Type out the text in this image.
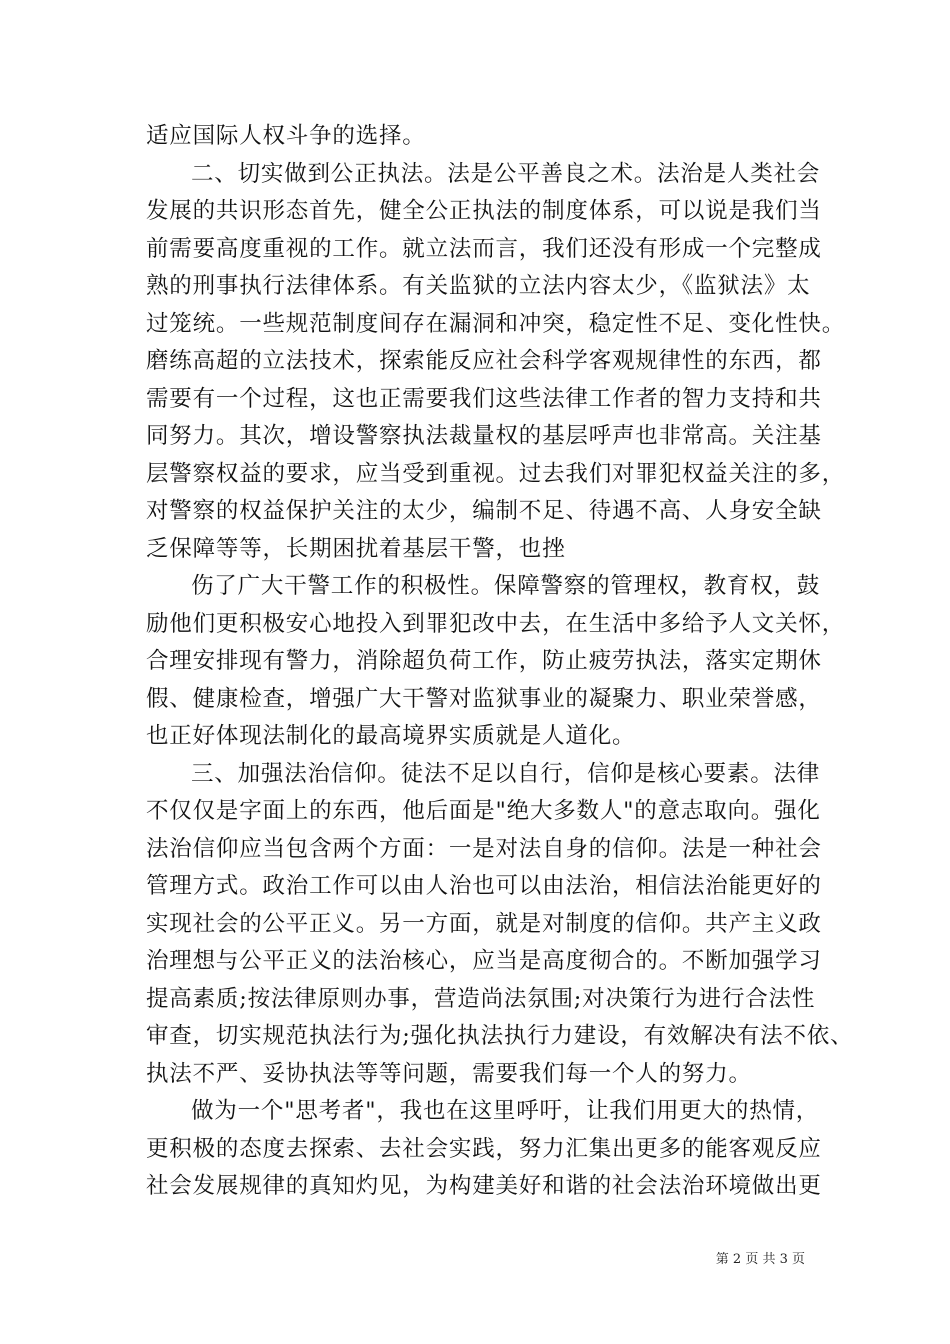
适应国际人权斗争的选择。

二、切实做到公正执法。法是公平善良之术。法治是人类社会
发展的共识形态首先，健全公正执法的制度体系，可以说是我们当
前需要高度重视的工作。就立法而言，我们还没有形成一个完整成
熟的刑事执行法律体系。有关监狱的立法内容太少，《监狱法》太
过笼统。一些规范制度间存在漏洞和冲突，稳定性不足、变化性快。
磨练高超的立法技术，探索能反应社会科学客观规律性的东西，都
需要有一个过程，这也正需要我们这些法律工作者的智力支持和共
同努力。其次，增设警察执法裁量权的基层呼声也非常高。关注基
层警察权益的要求，应当受到重视。过去我们对罪犯权益关注的多，
对警察的权益保护关注的太少，编制不足、待遇不高、人身安全缺
乏保障等等，长期困扰着基层干警，也挫

伤了广大干警工作的积极性。保障警察的管理权，教育权，鼓
励他们更积极安心地投入到罪犯改中去，在生活中多给予人文关怀，
合理安排现有警力，消除超负荷工作，防止疲劳执法，落实定期休
假、健康检查，增强广大干警对监狱事业的凝聚力、职业荣誉感，
也正好体现法制化的最高境界实质就是人道化。

三、加强法治信仰。徒法不足以自行，信仰是核心要素。法律
不仅仅是字面上的东西，他后面是"绝大多数人"的意志取向。强化
法治信仰应当包含两个方面：一是对法自身的信仰。法是一种社会
管理方式。政治工作可以由人治也可以由法治，相信法治能更好的
实现社会的公平正义。另一方面，就是对制度的信仰。共产主义政
治理想与公平正义的法治核心，应当是高度彻合的。不断加强学习
提高素质;按法律原则办事，营造尚法氛围;对决策行为进行合法性
审查，切实规范执法行为;强化执法执行力建设，有效解决有法不依、
执法不严、妥协执法等等问题，需要我们每一个人的努力。

做为一个"思考者"，我也在这里呼吁，让我们用更大的热情，
更积极的态度去探索、去社会实践，努力汇集出更多的能客观反应
社会发展规律的真知灼见，为构建美好和谐的社会法治环境做出更

第 2 页 共 3 页
